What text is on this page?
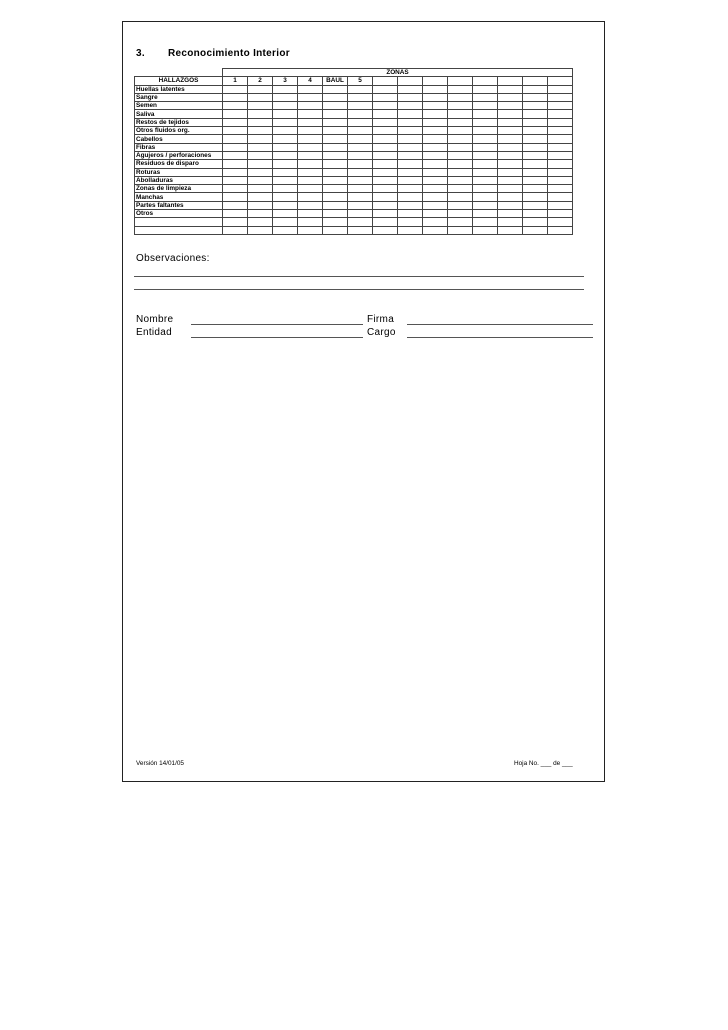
3. Reconocimiento Interior
	ZONAS													
HALLAZGOS	1	2	3	4	BAUL	5								
Huellas latentes														
Sangre														
Semen														
Saliva														
Restos de tejidos														
Otros fluidos org.														
Cabellos														
Fibras														
Agujeros / perforaciones														
Residuos de disparo														
Roturas														
Abolladuras														
Zonas de limpieza														
Manchas														
Partes faltantes														
Otros														

Observaciones:
Nombre
Entidad
Firma
Cargo
Versión 14/01/05	Hoja No. ___ de ___
